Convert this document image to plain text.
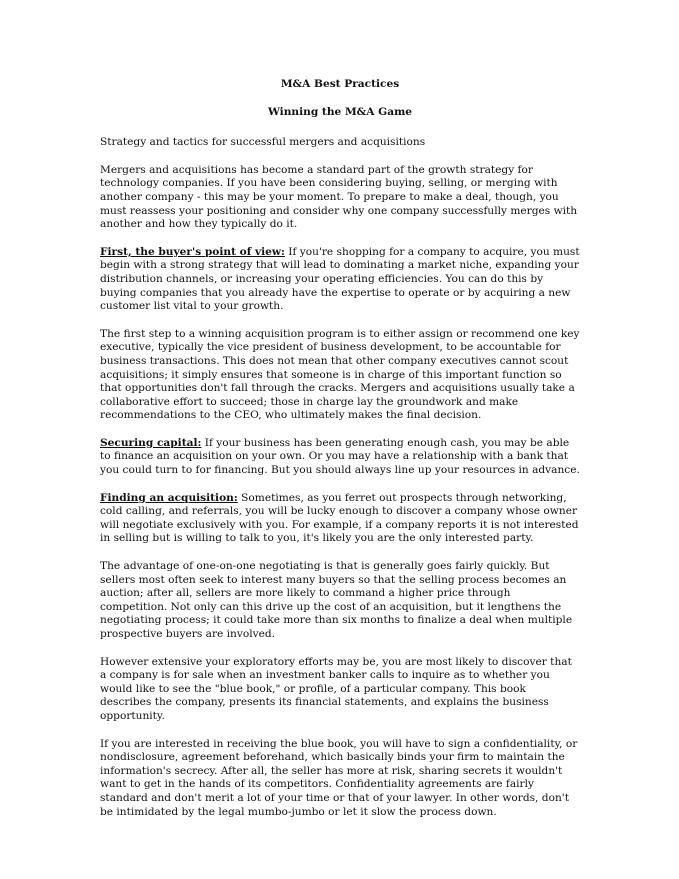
M&A Best Practices

Winning the M&A Game

Strategy and tactics for successful mergers and acquisitions

Mergers and acquisitions has become a standard part of the growth strategy for technology companies. If you have been considering buying, selling, or merging with another company - this may be your moment. To prepare to make a deal, though, you must reassess your positioning and consider why one company successfully merges with another and how they typically do it.

First, the buyer's point of view: If you're shopping for a company to acquire, you must begin with a strong strategy that will lead to dominating a market niche, expanding your distribution channels, or increasing your operating efficiencies. You can do this by buying companies that you already have the expertise to operate or by acquiring a new customer list vital to your growth.

The first step to a winning acquisition program is to either assign or recommend one key executive, typically the vice president of business development, to be accountable for business transactions. This does not mean that other company executives cannot scout acquisitions; it simply ensures that someone is in charge of this important function so that opportunities don't fall through the cracks. Mergers and acquisitions usually take a collaborative effort to succeed; those in charge lay the groundwork and make recommendations to the CEO, who ultimately makes the final decision.

Securing capital: If your business has been generating enough cash, you may be able to finance an acquisition on your own. Or you may have a relationship with a bank that you could turn to for financing. But you should always line up your resources in advance.

Finding an acquisition: Sometimes, as you ferret out prospects through networking, cold calling, and referrals, you will be lucky enough to discover a company whose owner will negotiate exclusively with you. For example, if a company reports it is not interested in selling but is willing to talk to you, it's likely you are the only interested party.

The advantage of one-on-one negotiating is that is generally goes fairly quickly. But sellers most often seek to interest many buyers so that the selling process becomes an auction; after all, sellers are more likely to command a higher price through competition. Not only can this drive up the cost of an acquisition, but it lengthens the negotiating process; it could take more than six months to finalize a deal when multiple prospective buyers are involved.

However extensive your exploratory efforts may be, you are most likely to discover that a company is for sale when an investment banker calls to inquire as to whether you would like to see the "blue book," or profile, of a particular company. This book describes the company, presents its financial statements, and explains the business opportunity.

If you are interested in receiving the blue book, you will have to sign a confidentiality, or nondisclosure, agreement beforehand, which basically binds your firm to maintain the information's secrecy. After all, the seller has more at risk, sharing secrets it wouldn't want to get in the hands of its competitors. Confidentiality agreements are fairly standard and don't merit a lot of your time or that of your lawyer. In other words, don't be intimidated by the legal mumbo-jumbo or let it slow the process down.
